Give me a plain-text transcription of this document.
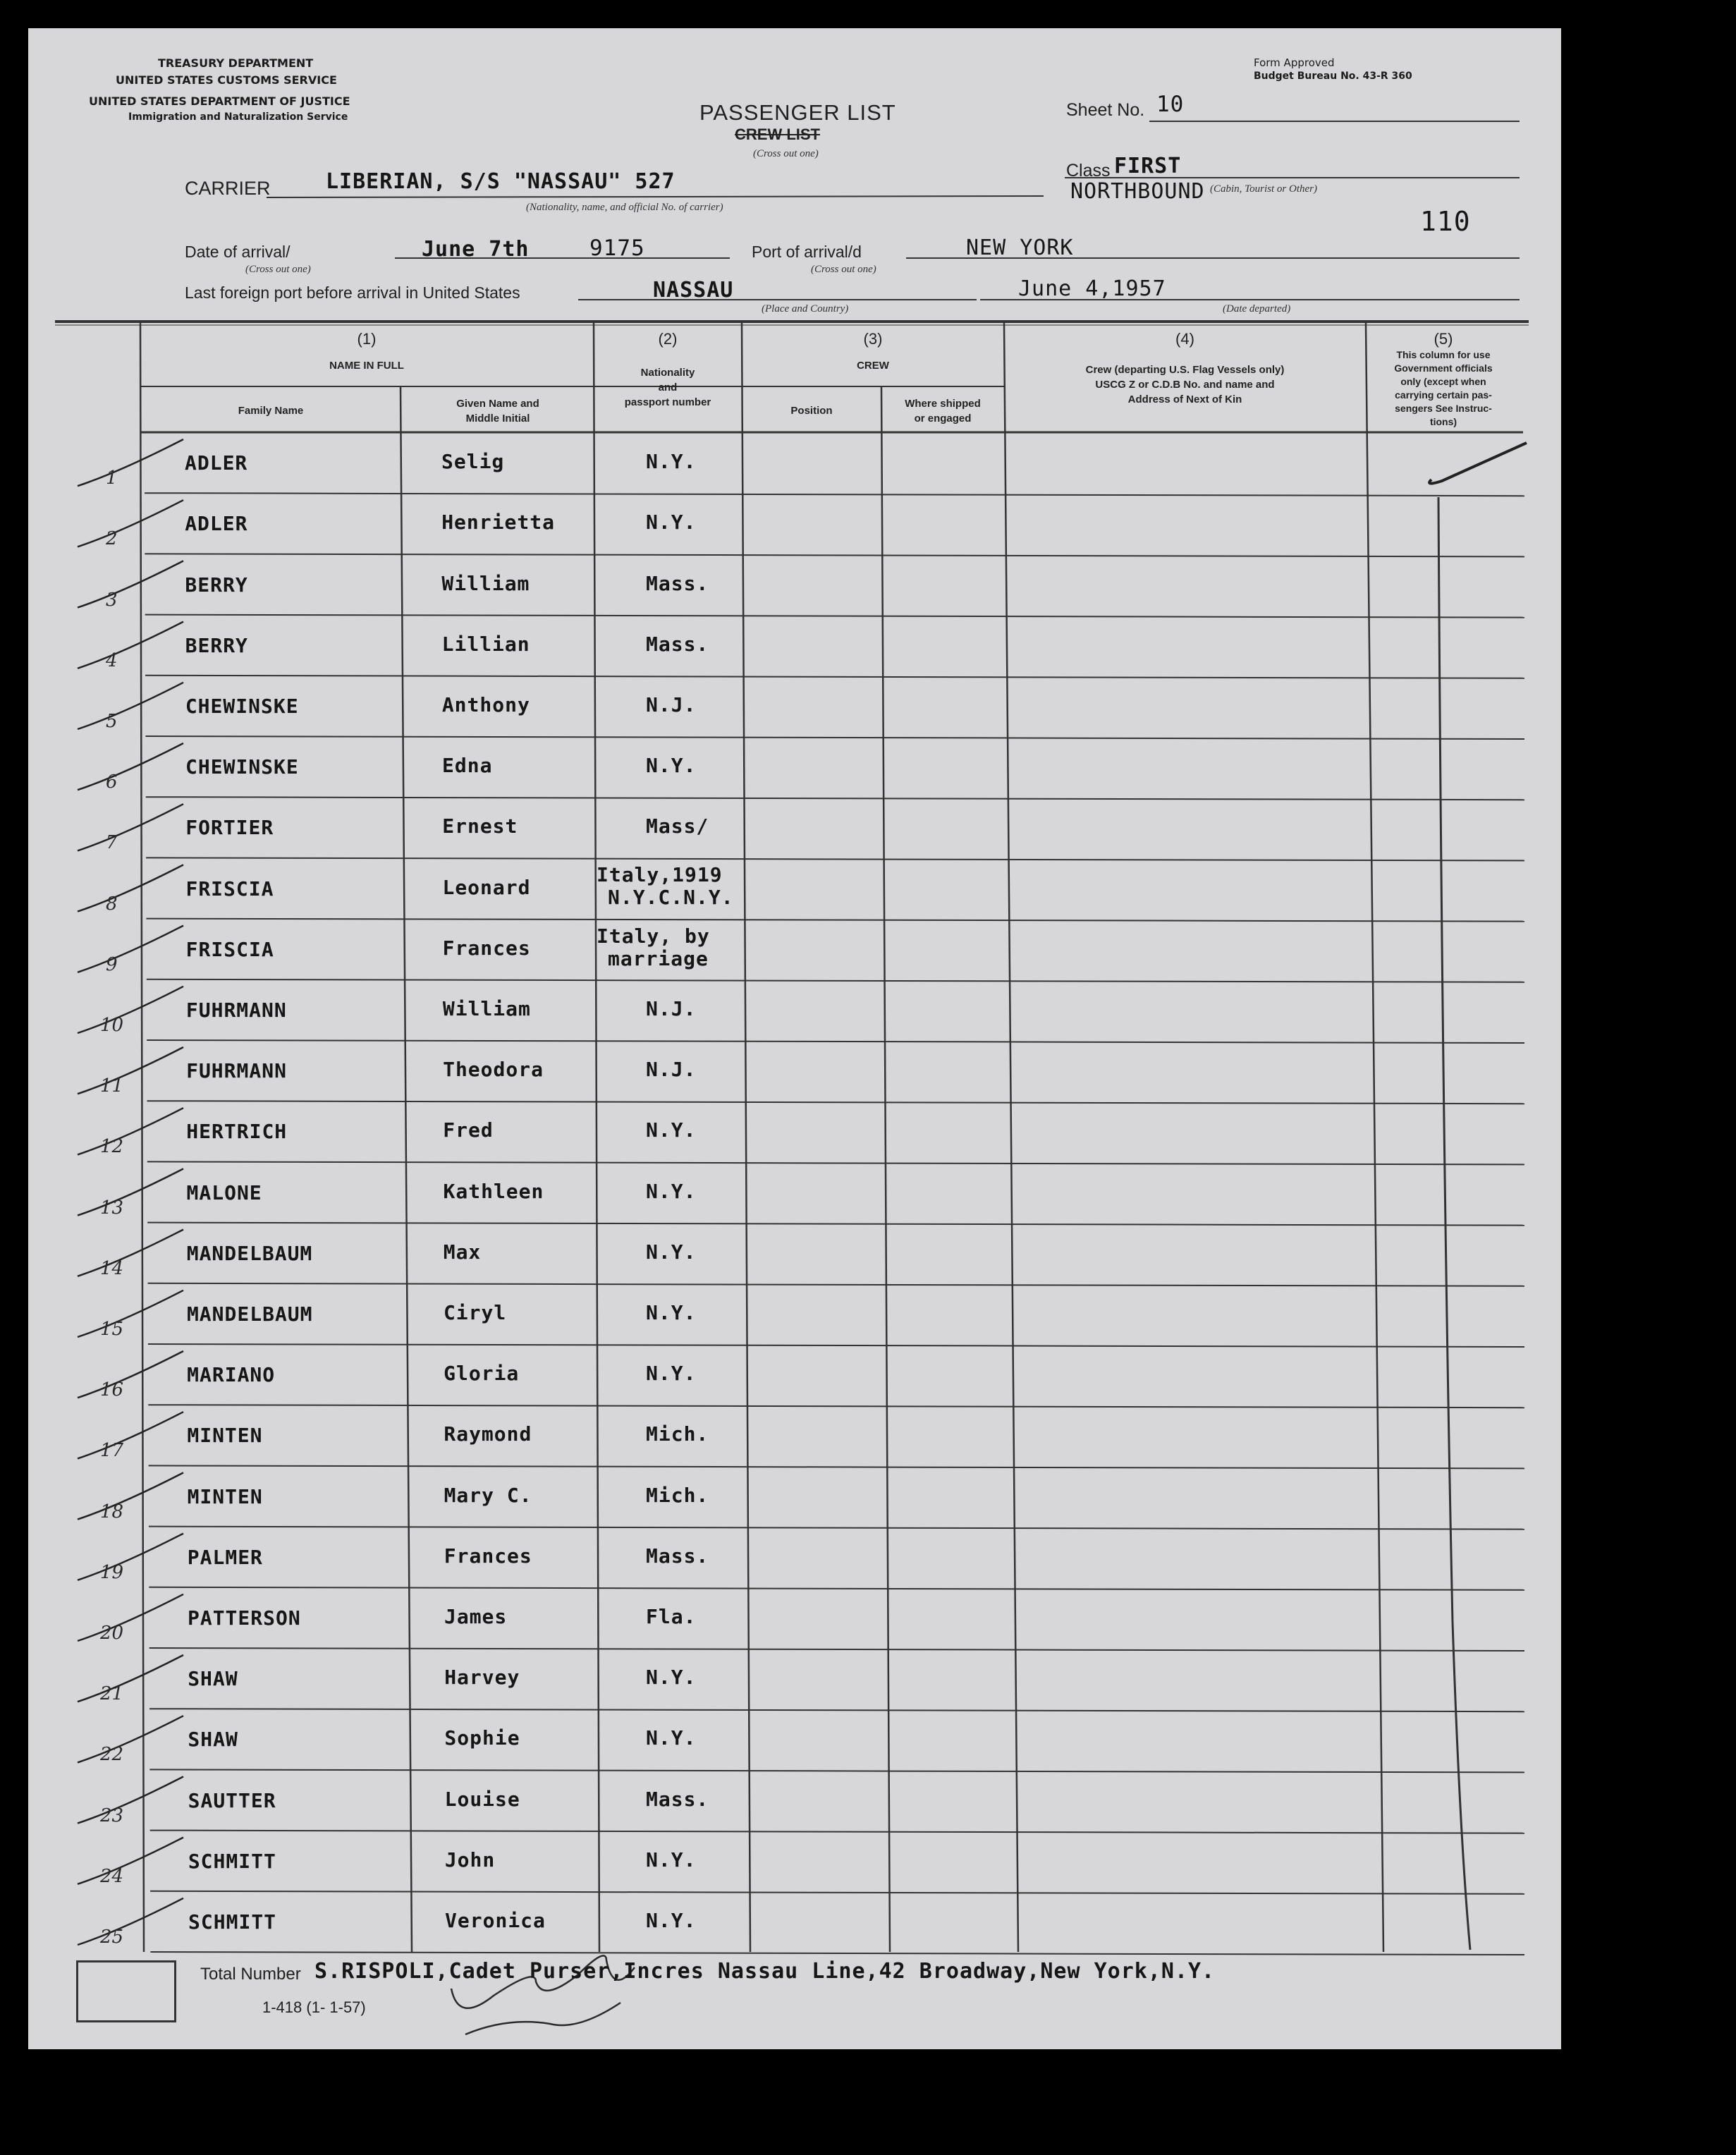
TREASURY DEPARTMENT
UNITED STATES CUSTOMS SERVICE
UNITED STATES DEPARTMENT OF JUSTICE
Immigration and Naturalization Service
Form Approved
Budget Bureau No. 43-R 360
PASSENGER LIST
CREW LIST
(Cross out one)
Sheet No. 10
Class FIRST
NORTHBOUND (Cabin, Tourist or Other)
CARRIER	LIBERIAN, S/S "NASSAU" 527
(Nationality, name, and official No. of carrier)	110
Date of arrival/	June 7th	9175
(Cross out one)
Port of arrival/d	NEW YORK
(Cross out one)
Last foreign port before arrival in United States	NASSAU
(Place and Country)
June 4,1957
(Date departed)
(1)
NAME IN FULL
Family Name
Given Name and
Middle Initial
(2)
Nationality
and
passport number
(3)
CREW
Position
Where shipped
or engaged
(4)
Crew (departing U.S. Flag Vessels only)
USCG Z or C.D.B No. and name and
Address of Next of Kin
(5)
This column for use
Government officials
only (except when
carrying certain pas-
sengers See Instruc-
tions)
1
ADLER	Selig	N.Y.
2
ADLER	Henrietta	N.Y.
3
BERRY	William	Mass.
4
BERRY	Lillian	Mass.
5
CHEWINSKE	Anthony	N.J.
6
CHEWINSKE	Edna	N.Y.
7
FORTIER	Ernest	Mass/
8
FRISCIA	Leonard
Italy,1919
N.Y.C.N.Y.
9
FRISCIA	Frances
Italy, by
marriage
10
FUHRMANN	William	N.J.
11
FUHRMANN	Theodora	N.J.
12
HERTRICH	Fred	N.Y.
13
MALONE	Kathleen	N.Y.
14
MANDELBAUM	Max	N.Y.
15
MANDELBAUM	Ciryl	N.Y.
16
MARIANO	Gloria	N.Y.
17
MINTEN	Raymond	Mich.
18
MINTEN	Mary C.	Mich.
19
PALMER	Frances	Mass.
20
PATTERSON	James	Fla.
21
SHAW	Harvey	N.Y.
22
SHAW	Sophie	N.Y.
23
SAUTTER	Louise	Mass.
24
SCHMITT	John	N.Y.
25
SCHMITT	Veronica	N.Y.
Total Number S.RISPOLI,Cadet Purser,Incres Nassau Line,42 Broadway,New York,N.Y.
1-418 (1- 1-57)
